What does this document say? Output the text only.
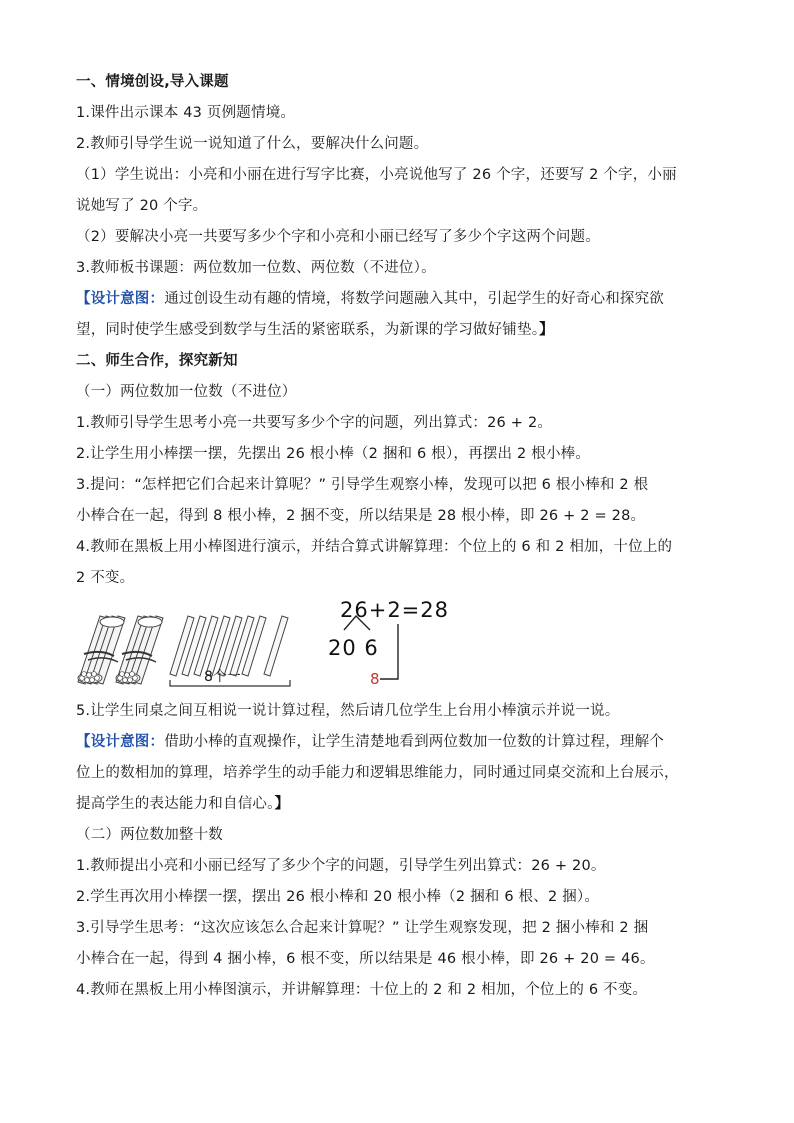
一、情境创设,导入课题

1.课件出示课本 43 页例题情境。

2.教师引导学生说一说知道了什么，要解决什么问题。

（1）学生说出：小亮和小丽在进行写字比赛，小亮说他写了 26 个字，还要写 2 个字，小丽

说她写了 20 个字。

（2）要解决小亮一共要写多少个字和小亮和小丽已经写了多少个字这两个问题。

3.教师板书课题：两位数加一位数、两位数（不进位）。

【设计意图：通过创设生动有趣的情境，将数学问题融入其中，引起学生的好奇心和探究欲

望，同时使学生感受到数学与生活的紧密联系，为新课的学习做好铺垫。】

二、师生合作，探究新知

（一）两位数加一位数（不进位）

1.教师引导学生思考小亮一共要写多少个字的问题，列出算式：26 + 2。

2.让学生用小棒摆一摆，先摆出 26 根小棒（2 捆和 6 根），再摆出 2 根小棒。

3.提问：“怎样把它们合起来计算呢？” 引导学生观察小棒，发现可以把 6 根小棒和 2 根

小棒合在一起，得到 8 根小棒，2 捆不变，所以结果是 28 根小棒，即 26 + 2 = 28。

4.教师在黑板上用小棒图进行演示，并结合算式讲解算理：个位上的 6 和 2 相加，十位上的

2 不变。

8个一
26+2=28
20 6
8

5.让学生同桌之间互相说一说计算过程，然后请几位学生上台用小棒演示并说一说。

【设计意图：借助小棒的直观操作，让学生清楚地看到两位数加一位数的计算过程，理解个

位上的数相加的算理，培养学生的动手能力和逻辑思维能力，同时通过同桌交流和上台展示，

提高学生的表达能力和自信心。】

（二）两位数加整十数

1.教师提出小亮和小丽已经写了多少个字的问题，引导学生列出算式：26 + 20。

2.学生再次用小棒摆一摆，摆出 26 根小棒和 20 根小棒（2 捆和 6 根、2 捆）。

3.引导学生思考：“这次应该怎么合起来计算呢？” 让学生观察发现，把 2 捆小棒和 2 捆

小棒合在一起，得到 4 捆小棒，6 根不变，所以结果是 46 根小棒，即 26 + 20 = 46。

4.教师在黑板上用小棒图演示，并讲解算理：十位上的 2 和 2 相加，个位上的 6 不变。
